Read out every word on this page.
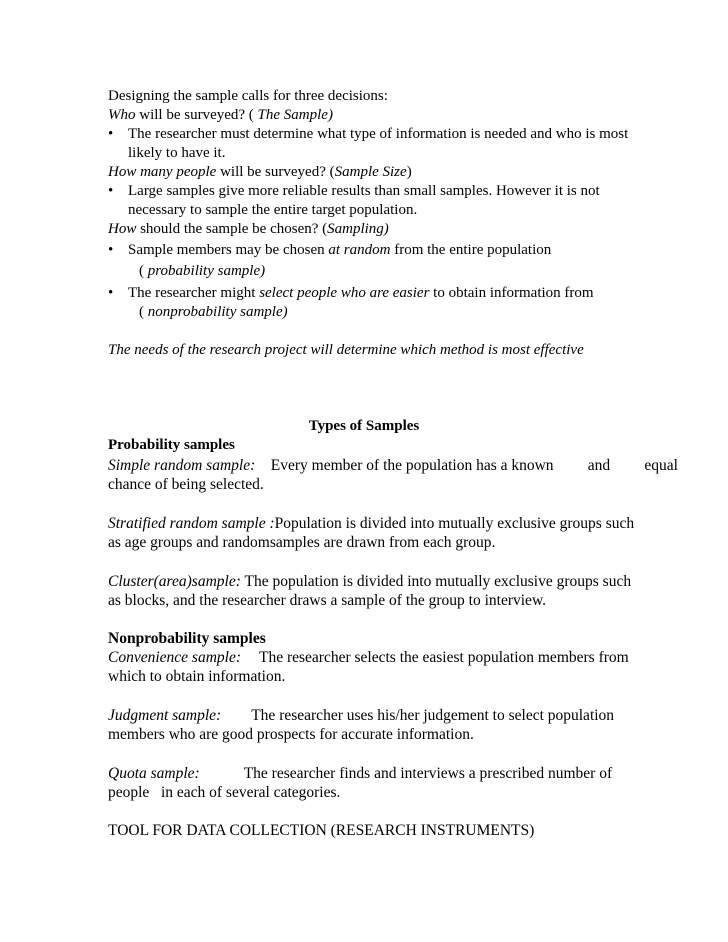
Designing the sample calls for three decisions:
Who will be surveyed? ( The Sample)
• The researcher must determine what type of information is needed and who is most
likely to have it.
How many people will be surveyed? (Sample Size)
• Large samples give more reliable results than small samples. However it is not
necessary to sample the entire target population.
How should the sample be chosen? (Sampling)
• Sample members may be chosen at random from the entire population
( probability sample)
• The researcher might select people who are easier to obtain information from
( nonprobability sample)
The needs of the research project will determine which method is most effective
Types of Samples
Probability samples
Simple random sample: Every member of the population has a known and equal
chance of being selected.
Stratified random sample :Population is divided into mutually exclusive groups such
as age groups and randomsamples are drawn from each group.
Cluster(area)sample: The population is divided into mutually exclusive groups such
as blocks, and the researcher draws a sample of the group to interview.
Nonprobability samples
Convenience sample: The researcher selects the easiest population members from
which to obtain information.
Judgment sample: The researcher uses his/her judgement to select population
members who are good prospects for accurate information.
Quota sample:	The researcher finds and interviews a prescribed number of
people   in each of several categories.
TOOL FOR DATA COLLECTION (RESEARCH INSTRUMENTS)
